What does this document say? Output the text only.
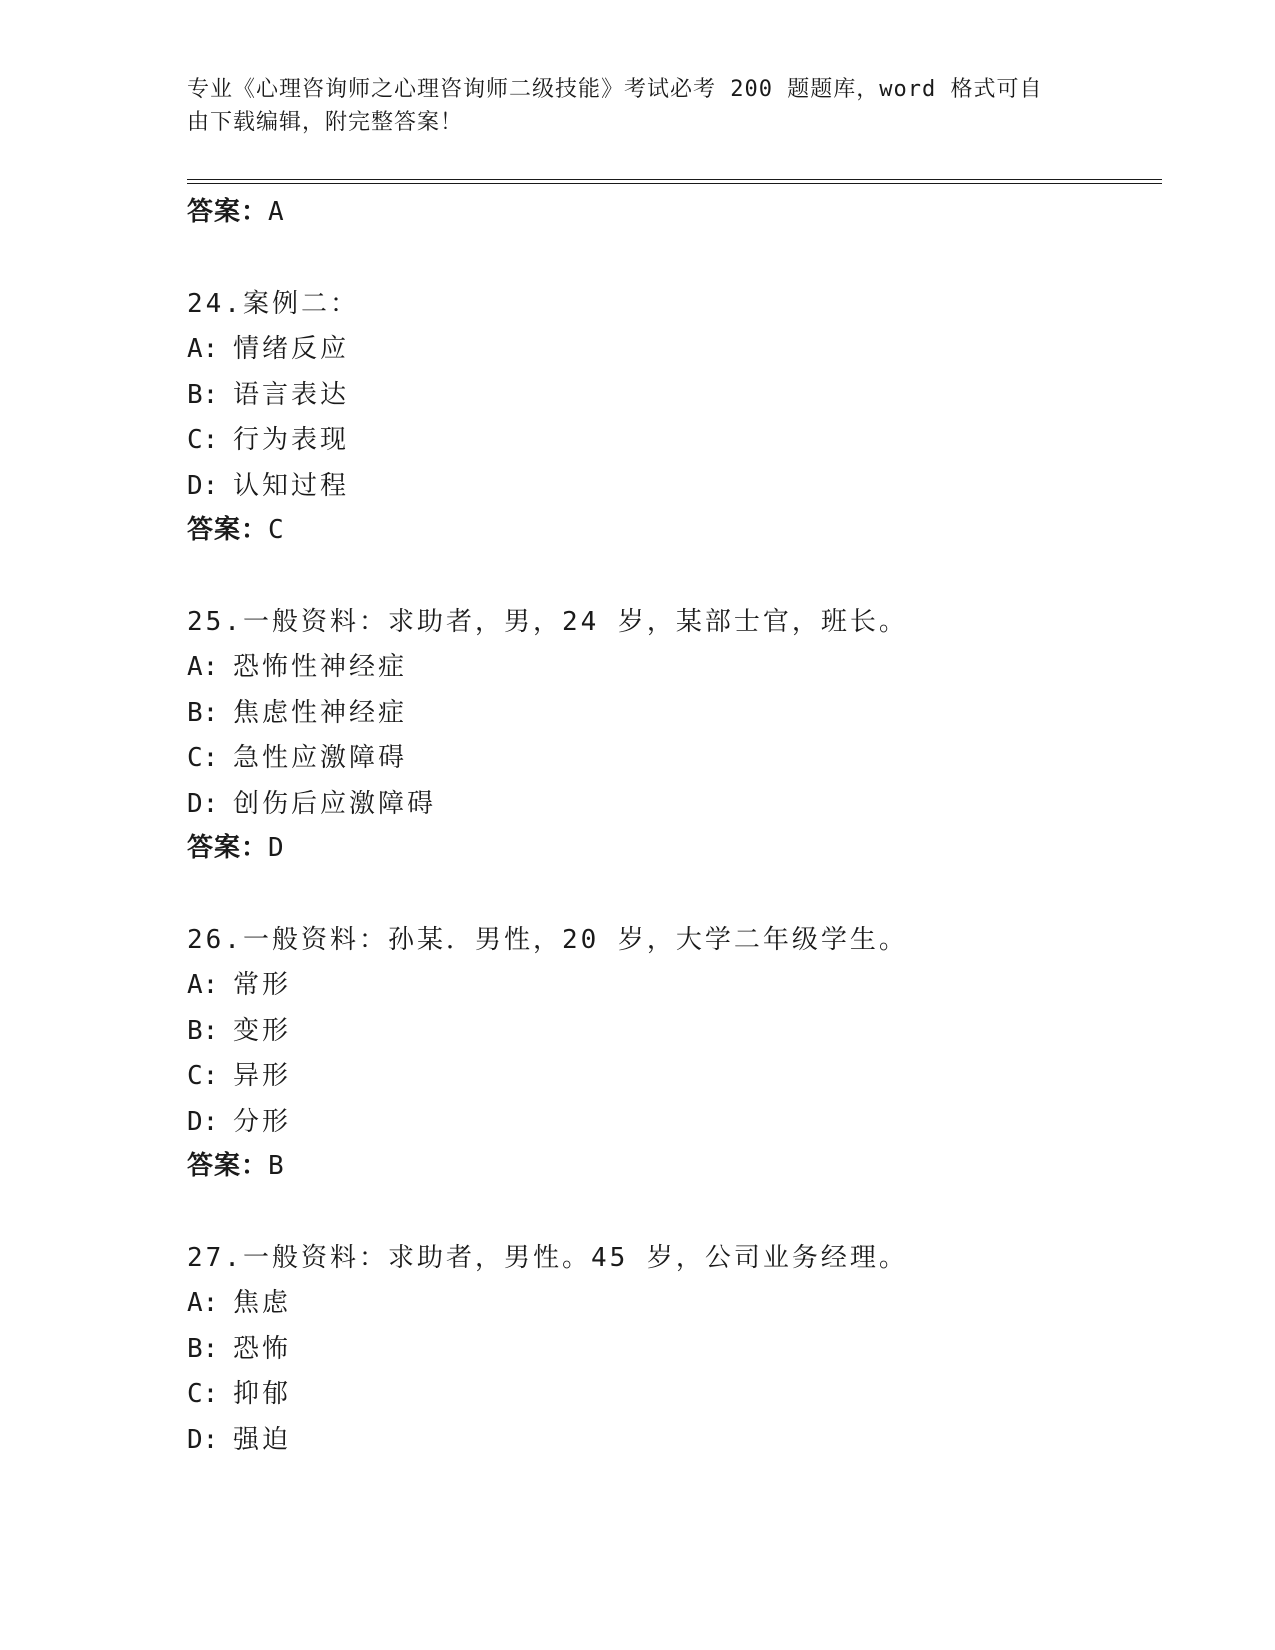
专业《心理咨询师之心理咨询师二级技能》考试必考 200 题题库，word 格式可自
由下载编辑，附完整答案！
答案：A
24.案例二：
A: 情绪反应
B: 语言表达
C: 行为表现
D: 认知过程
答案：C
25.一般资料：求助者，男，24 岁，某部士官，班长。
A: 恐怖性神经症
B: 焦虑性神经症
C: 急性应激障碍
D: 创伤后应激障碍
答案：D
26.一般资料：孙某．男性，20 岁，大学二年级学生。
A: 常形
B: 变形
C: 异形
D: 分形
答案：B
27.一般资料：求助者，男性。45 岁，公司业务经理。
A: 焦虑
B: 恐怖
C: 抑郁
D: 强迫
